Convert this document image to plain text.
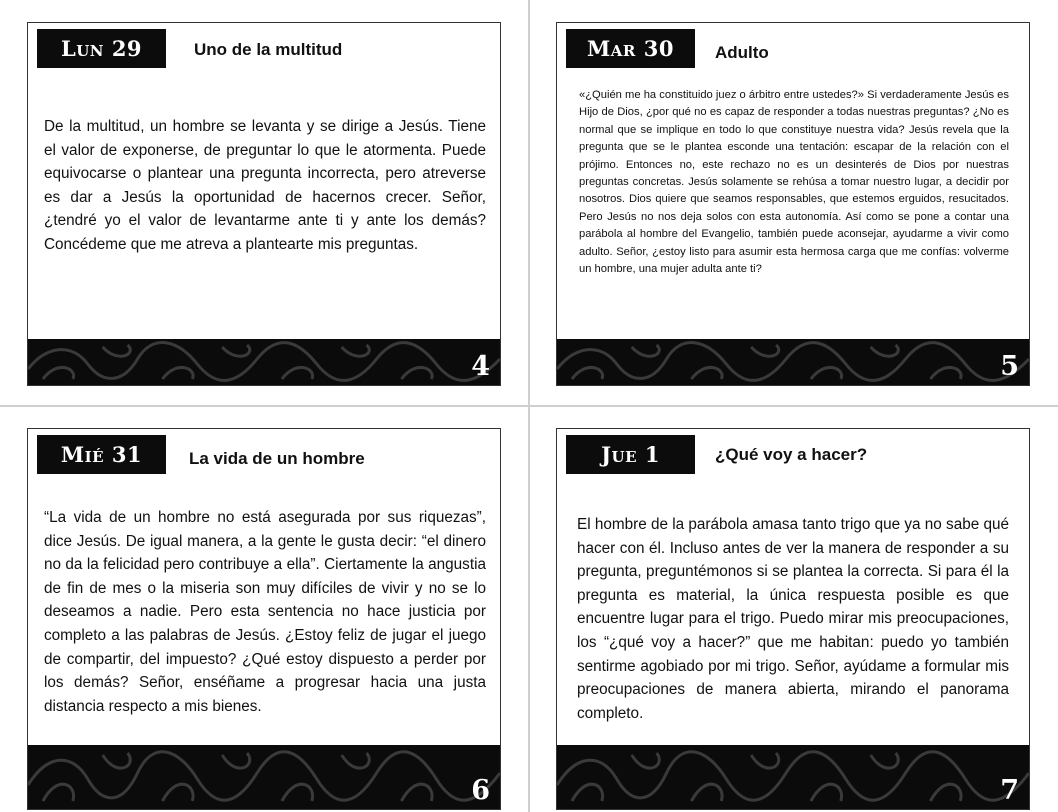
Lun 29	Uno de la multitud
De la multitud, un hombre se levanta y se dirige a Jesús. Tiene el valor de exponerse, de preguntar lo que le atormenta. Puede equivocarse o plantear una pregunta incorrecta, pero atreverse es dar a Jesús la oportunidad de hacernos crecer. Señor, ¿tendré yo el valor de levantarme ante ti y ante los demás? Concédeme que me atreva a plantearte mis preguntas.
4
Mar 30	Adulto
«¿Quién me ha constituido juez o árbitro entre ustedes?» Si verdaderamente Jesús es Hijo de Dios, ¿por qué no es capaz de responder a todas nuestras preguntas? ¿No es normal que se implique en todo lo que constituye nuestra vida? Jesús revela que la pregunta que se le plantea esconde una tentación: escapar de la relación con el prójimo. Entonces no, este rechazo no es un desinterés de Dios por nuestras preguntas concretas. Jesús solamente se rehúsa a tomar nuestro lugar, a decidir por nosotros. Dios quiere que seamos responsables, que estemos erguidos, resucitados. Pero Jesús no nos deja solos con esta autonomía. Así como se pone a contar una parábola al hombre del Evangelio, también puede aconsejar, ayudarme a vivir como adulto. Señor, ¿estoy listo para asumir esta hermosa carga que me confías: volverme un hombre, una mujer adulta ante ti?
5
Mié 31	La vida de un hombre
“La vida de un hombre no está asegurada por sus riquezas”, dice Jesús. De igual manera, a la gente le gusta decir: “el dinero no da la felicidad pero contribuye a ella”. Ciertamente la angustia de fin de mes o la miseria son muy difíciles de vivir y no se lo deseamos a nadie. Pero esta sentencia no hace justicia por completo a las palabras de Jesús. ¿Estoy feliz de jugar el juego de compartir, del impuesto? ¿Qué estoy dispuesto a perder por los demás? Señor, enséñame a progresar hacia una justa distancia respecto a mis bienes.
6
Jue 1	¿Qué voy a hacer?
El hombre de la parábola amasa tanto trigo que ya no sabe qué hacer con él. Incluso antes de ver la manera de responder a su pregunta, preguntémonos si se plantea la correcta. Si para él la pregunta es material, la única respuesta posible es que encuentre lugar para el trigo. Puedo mirar mis preocupaciones, los “¿qué voy a hacer?” que me habitan: puedo yo también sentirme agobiado por mi trigo. Señor, ayúdame a formular mis preocupaciones de manera abierta, mirando el panorama completo.
7
